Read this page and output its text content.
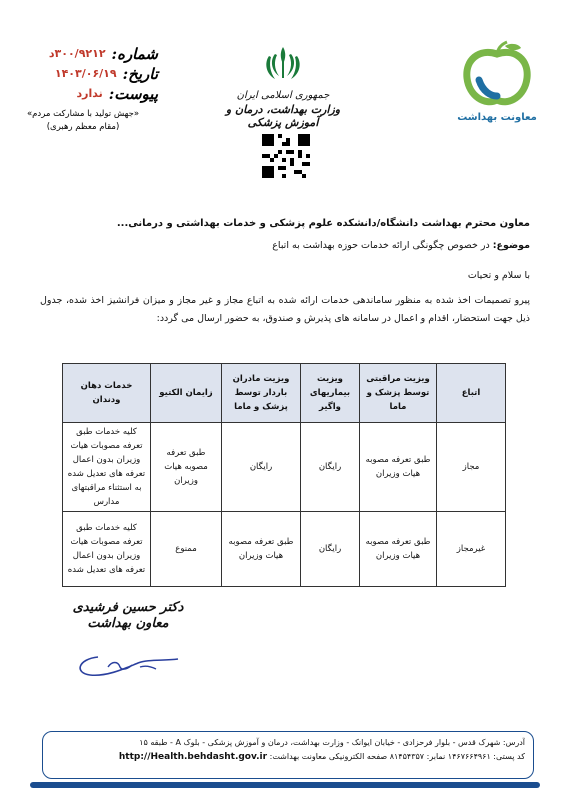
شماره:
۳۰۰/۹۲۱۲د
تاریخ:
۱۴۰۳/۰۶/۱۹
پیوست:
ندارد
«جهش تولید با مشارکت مردم»
(مقام معظم رهبری)
جمهوری اسلامی ایران
وزارت بهداشت، درمان و آموزش پزشکی	معاونت بهداشت
معاون محترم بهداشت دانشگاه/دانشکده علوم پزشکی و خدمات بهداشتی و درمانی...
موضوع: در خصوص چگونگی ارائه خدمات حوزه بهداشت به اتباع
با سلام و تحیات
پیرو تصمیمات اخذ شده به منظور ساماندهی خدمات ارائه شده به اتباع مجاز و غیر مجاز و میزان فرانشیز اخذ شده، جدول ذیل جهت استحضار، اقدام و اعمال در سامانه های پذیرش و صندوق، به حضور ارسال می گردد:
اتباع	ویزیت مراقبتی توسط پزشک و ماما	ویزیت بیماریهای واگیر	ویزیت مادران باردار توسط پزشک و ماما	زایمان الکتیو	خدمات دهان ودندان
مجاز	طبق تعرفه مصوبه هیات وزیران	رایگان	رایگان	طبق تعرفه مصوبه هیات وزیران	کلیه خدمات طبق تعرفه مصوبات هیات وزیران بدون اعمال تعرفه های تعدیل شده به استثناء مراقبتهای مدارس
غیرمجاز	طبق تعرفه مصوبه هیات وزیران	رایگان	طبق تعرفه مصوبه هیات وزیران	ممنوع	کلیه خدمات طبق تعرفه مصوبات هیات وزیران بدون اعمال تعرفه های تعدیل شده
دکتر حسین فرشیدی
معاون بهداشت
آدرس: شهرک قدس - بلوار فرحزادی - خیابان ایوانک - وزارت بهداشت، درمان و آموزش پزشکی - بلوک A - طبقه ۱۵
کد پستی: ۱۴۶۷۶۶۴۹۶۱ نمابر: ۸۱۴۵۴۳۵۷ صفحه الکترونیکی معاونت بهداشت: http://Health.behdasht.gov.ir
